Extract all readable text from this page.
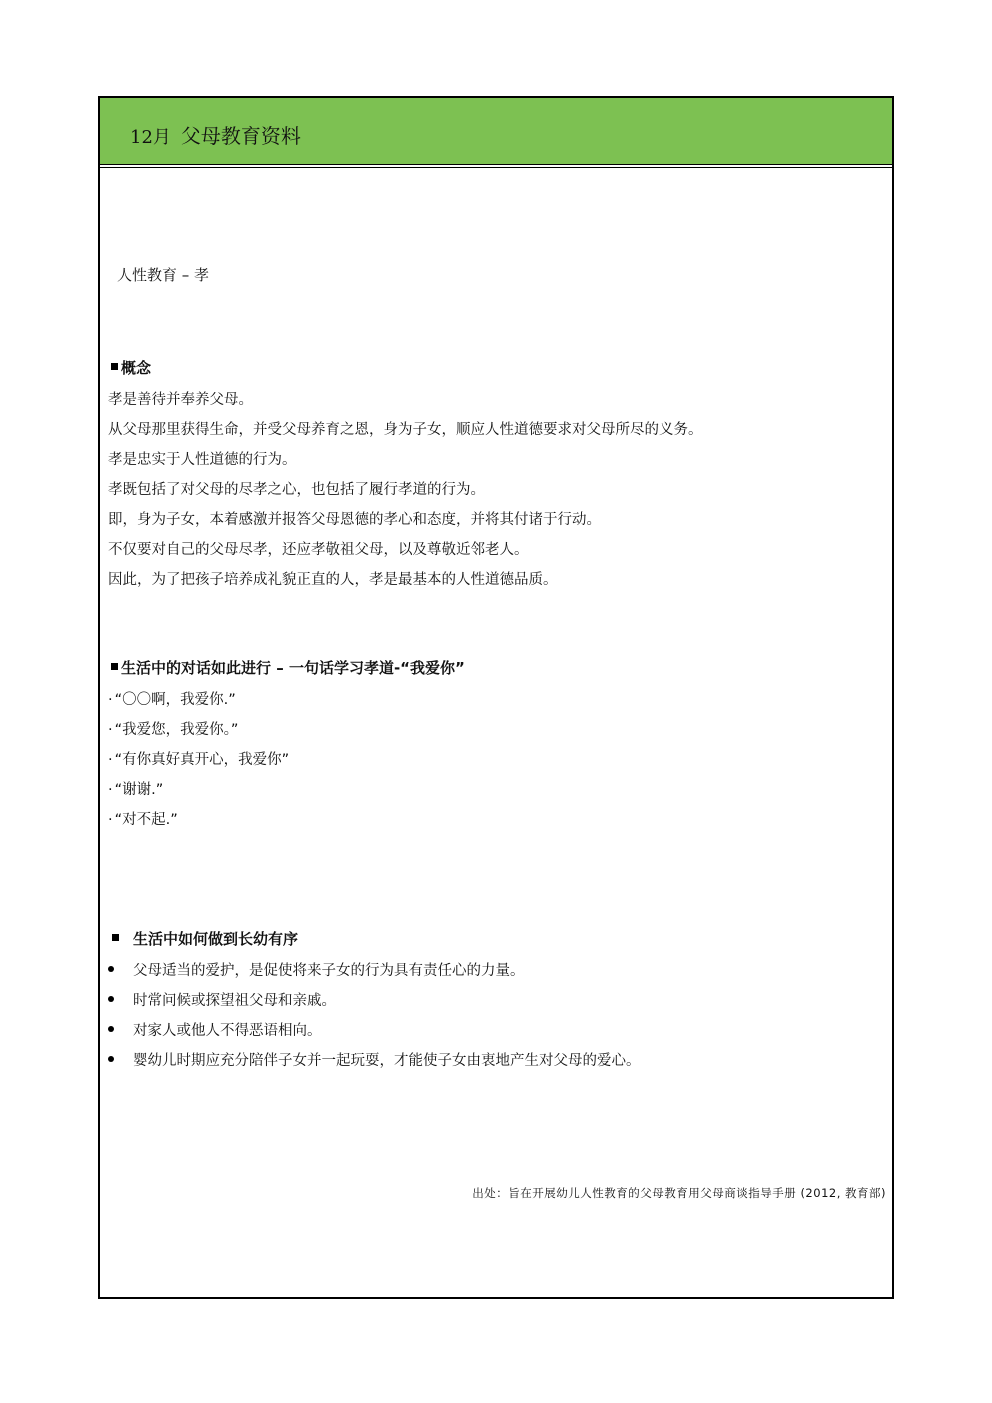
12月 父母教育资料
人性教育 – 孝
概念
孝是善待并奉养父母。
从父母那里获得生命，并受父母养育之恩，身为子女，顺应人性道德要求对父母所尽的义务。
孝是忠实于人性道德的行为。
孝既包括了对父母的尽孝之心，也包括了履行孝道的行为。
即，身为子女，本着感激并报答父母恩德的孝心和态度，并将其付诸于行动。
不仅要对自己的父母尽孝，还应孝敬祖父母，以及尊敬近邻老人。
因此，为了把孩子培养成礼貌正直的人，孝是最基本的人性道德品质。
生活中的对话如此进行 – 一句话学习孝道-“我爱你”
· “〇〇啊，我爱你.”
· “我爱您，我爱你。”
· “有你真好真开心，我爱你”
· “谢谢.”
· “对不起.”
生活中如何做到长幼有序
父母适当的爱护，是促使将来子女的行为具有责任心的力量。
时常问候或探望祖父母和亲戚。
对家人或他人不得恶语相向。
婴幼儿时期应充分陪伴子女并一起玩耍，才能使子女由衷地产生对父母的爱心。
出处：旨在开展幼儿人性教育的父母教育用父母商谈指导手册 (2012, 教育部)
